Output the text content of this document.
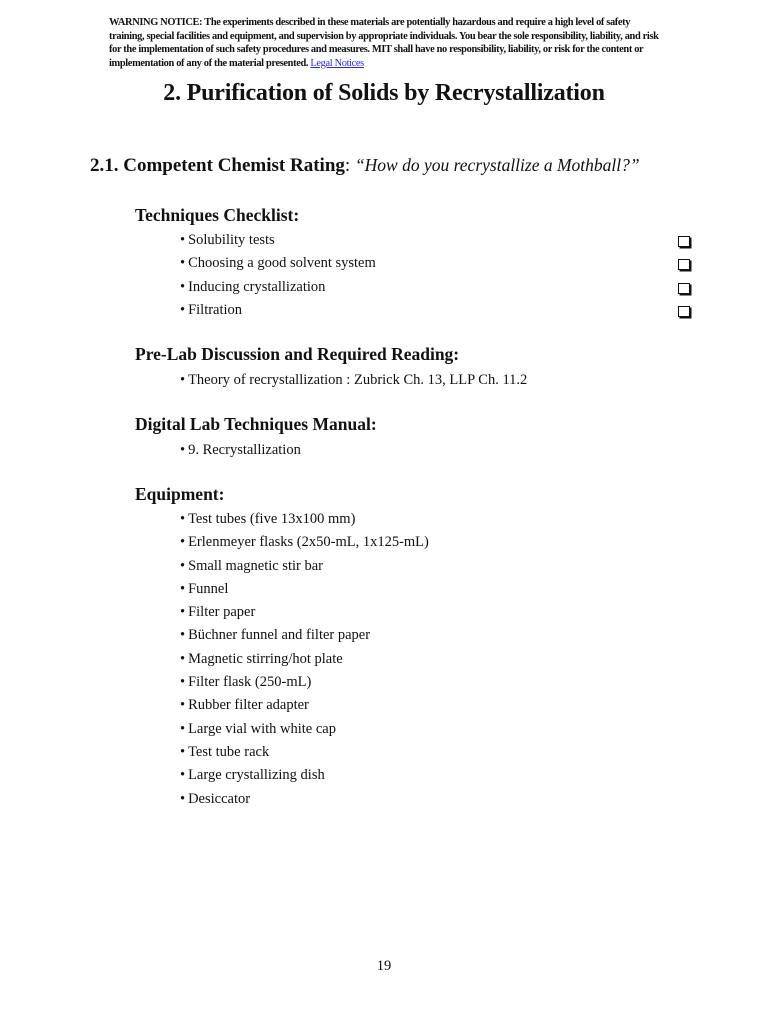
WARNING NOTICE: The experiments described in these materials are potentially hazardous and require a high level of safety training, special facilities and equipment, and supervision by appropriate individuals. You bear the sole responsibility, liability, and risk for the implementation of such safety procedures and measures. MIT shall have no responsibility, liability, or risk for the content or implementation of any of the material presented. Legal Notices
2. Purification of Solids by Recrystallization
2.1. Competent Chemist Rating: “How do you recrystallize a Mothball?”
Techniques Checklist:
• Solubility tests
• Choosing a good solvent system
• Inducing crystallization
• Filtration
Pre-Lab Discussion and Required Reading:
• Theory of recrystallization : Zubrick Ch. 13, LLP Ch. 11.2
Digital Lab Techniques Manual:
• 9. Recrystallization
Equipment:
• Test tubes (five 13x100 mm)
• Erlenmeyer flasks (2x50-mL, 1x125-mL)
• Small magnetic stir bar
• Funnel
• Filter paper
• Büchner funnel and filter paper
• Magnetic stirring/hot plate
• Filter flask (250-mL)
• Rubber filter adapter
• Large vial with white cap
• Test tube rack
• Large crystallizing dish
• Desiccator
19
